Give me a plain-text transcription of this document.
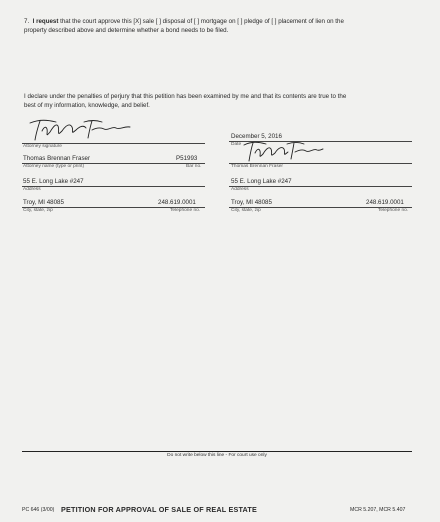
7. I request that the court approve this [X] sale [ ] disposal of [ ] mortgage on [ ] pledge of [ ] placement of lien on the
property described above and determine whether a bond needs to be filed.
I declare under the penalties of perjury that this petition has been examined by me and that its contents are true to the
best of my information, knowledge, and belief.
Attorney signature
Thomas Brennan Fraser	P51993
Attorney name (type or print)	Bar no.
55 E. Long Lake #247
Address
Troy, MI 48085	248.619.0001
City, state, zip	Telephone no.
December 5, 2016
Date
Thomas Brennan Fraser
55 E. Long Lake #247
Address
Troy, MI 48085	248.619.0001
City, state, zip	Telephone no.
Do not write below this line - For court use only
PC 646 (3/00) PETITION FOR APPROVAL OF SALE OF REAL ESTATE	MCR 5.207, MCR 5.407
